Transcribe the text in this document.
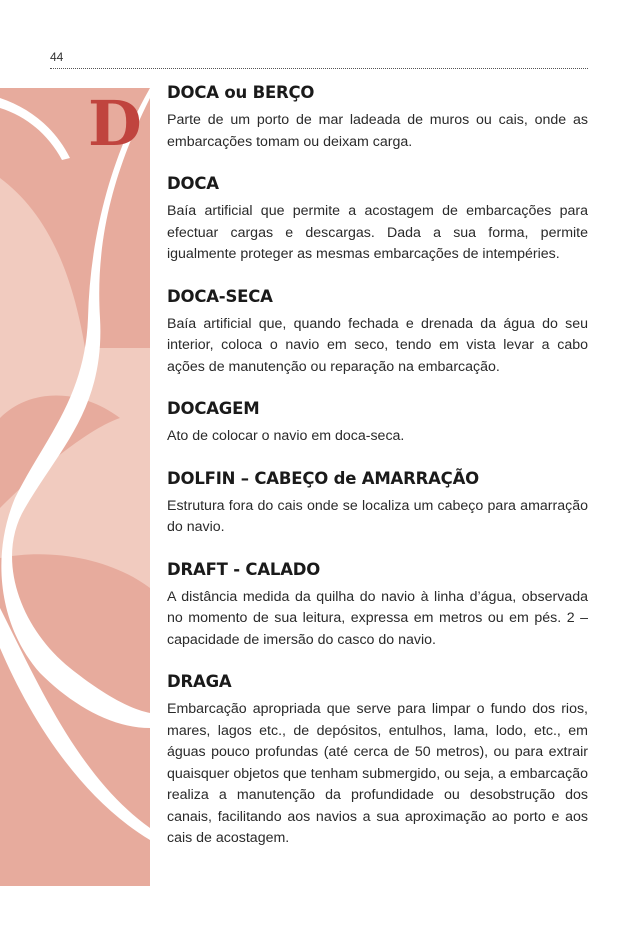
44
D DOCA ou BERÇO

Parte de um porto de mar ladeada de muros ou cais, onde as embarcações tomam ou deixam carga.

DOCA

Baía artificial que permite a acostagem de embarcações para efectuar cargas e descargas. Dada a sua forma, permite igualmente proteger as mesmas embarcações de intempéries.

DOCA-SECA

Baía artificial que, quando fechada e drenada da água do seu interior, coloca o navio em seco, tendo em vista levar a cabo ações de manutenção ou reparação na embarcação.

DOCAGEM

Ato de colocar o navio em doca-seca.

DOLFIN – CABEÇO de AMARRAÇÃO

Estrutura fora do cais onde se localiza um cabeço para amarração do navio.

DRAFT - CALADO

A distância medida da quilha do navio à linha d’água, observada no momento de sua leitura, expressa em metros ou em pés. 2 – capacidade de imersão do casco do navio.

DRAGA

Embarcação apropriada que serve para limpar o fundo dos rios, mares, lagos etc., de depósitos, entulhos, lama, lodo, etc., em águas pouco profundas (até cerca de 50 metros), ou para extrair quaisquer objetos que tenham submergido, ou seja, a embarcação realiza a manutenção da profundidade ou desobstrução dos canais, facilitando aos navios a sua aproximação ao porto e aos cais de acostagem.
